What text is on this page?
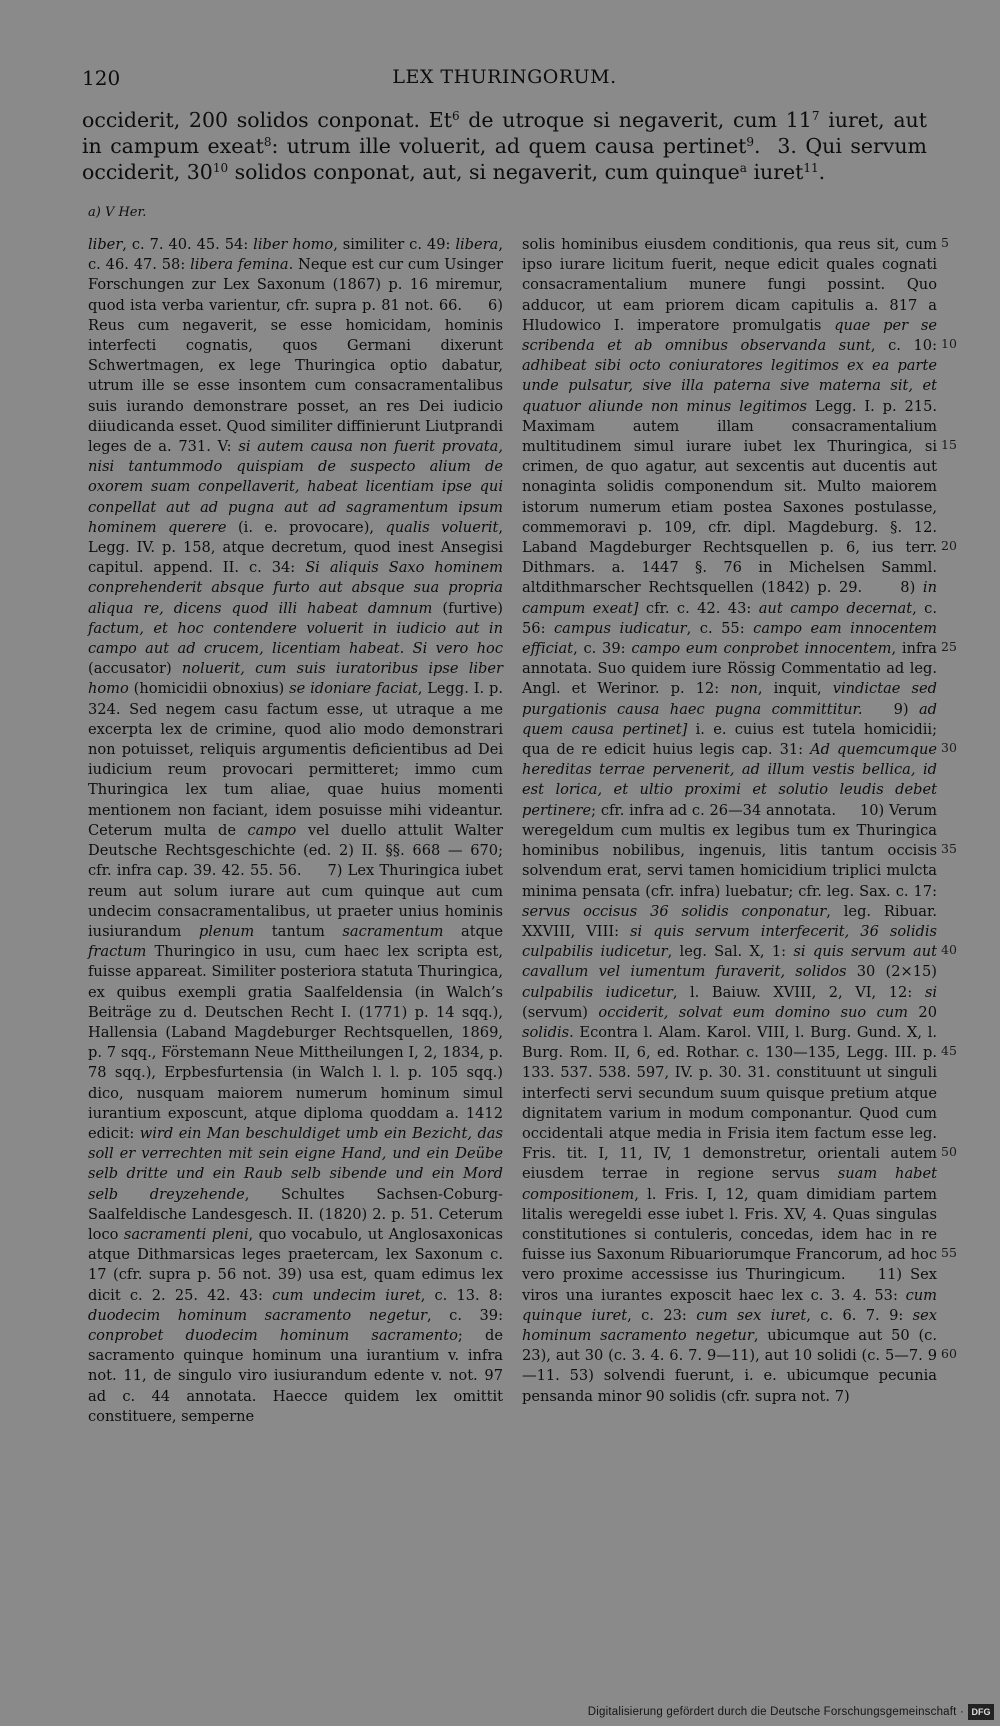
120	LEX THURINGORUM.
occiderit, 200 solidos conponat. Et$^6$ de utroque si negaverit, cum $11^7$ iuret, aut in campum exeat$^8$: utrum ille voluerit, ad quem causa pertinet$^9$.  3. Qui servum occiderit, $30^{10}$ solidos conponat, aut, si negaverit, cum quinque$^a$ iuret$^{11}$.
a) V Her.

liber, c. 7. 40. 45. 54: liber homo, similiter c. 49: libera, c. 46. 47. 58: libera femina. Neque est cur cum Usinger Forschungen zur Lex Saxonum (1867) p. 16 miremur, quod ista verba varientur, cfr. supra p. 81 not. 66.     6) Reus cum negaverit, se esse homicidam, hominis interfecti cognatis, quos Germani dixerunt Schwertmagen, ex lege Thuringica optio dabatur, utrum ille se esse insontem cum consacramentalibus suis iurando demonstrare posset, an res Dei iudicio diiudicanda esset. Quod similiter diffinierunt Liutprandi leges de a. 731. V: si autem causa non fuerit provata, nisi tantummodo quispiam de suspecto alium de oxorem suam conpellaverit, habeat licentiam ipse qui conpellat aut ad pugna aut ad sagramentum ipsum hominem querere (i. e. provocare), qualis voluerit, Legg. IV. p. 158, atque decretum, quod inest Ansegisi capitul. append. II. c. 34: Si aliquis Saxo hominem conprehenderit absque furto aut absque sua propria aliqua re, dicens quod illi habeat damnum (furtive) factum, et hoc contendere voluerit in iudicio aut in campo aut ad crucem, licentiam habeat. Si vero hoc (accusator) noluerit, cum suis iuratoribus ipse liber homo (homicidii obnoxius) se idoniare faciat, Legg. I. p. 324. Sed negem casu factum esse, ut utraque a me excerpta lex de crimine, quod alio modo demonstrari non potuisset, reliquis argumentis deficientibus ad Dei iudicium reum provocari permitteret; immo cum Thuringica lex tum aliae, quae huius momenti mentionem non faciant, idem posuisse mihi videantur. Ceterum multa de campo vel duello attulit Walter Deutsche Rechtsgeschichte (ed. 2) II. §§. 668 — 670; cfr. infra cap. 39. 42. 55. 56.     7) Lex Thuringica iubet reum aut solum iurare aut cum quinque aut cum undecim consacramentalibus, ut praeter unius hominis iusiurandum plenum tantum sacramentum atque fractum Thuringico in usu, cum haec lex scripta est, fuisse appareat. Similiter posteriora statuta Thuringica, ex quibus exempli gratia Saalfeldensia (in Walch’s Beiträge zu d. Deutschen Recht I. (1771) p. 14 sqq.), Hallensia (Laband Magdeburger Rechtsquellen, 1869, p. 7 sqq., Förstemann Neue Mittheilungen I, 2, 1834, p. 78 sqq.), Erpbesfurtensia (in Walch l. l. p. 105 sqq.) dico, nusquam maiorem numerum hominum simul iurantium exposcunt, atque diploma quoddam a. 1412 edicit: wird ein Man beschuldiget umb ein Bezicht, das soll er verrechten mit sein eigne Hand, und ein Deübe selb dritte und ein Raub selb sibende und ein Mord selb dreyzehende, Schultes Sachsen-Coburg-Saalfeldische Landesgesch. II. (1820) 2. p. 51. Ceterum loco sacramenti pleni, quo vocabulo, ut Anglosaxonicas atque Dithmarsicas leges praetercam, lex Saxonum c. 17 (cfr. supra p. 56 not. 39) usa est, quam edimus lex dicit c. 2. 25. 42. 43: cum undecim iuret, c. 13. 8: duodecim hominum sacramento negetur, c. 39: conprobet duodecim hominum sacramento; de sacramento quinque hominum una iurantium v. infra not. 11, de singulo viro iusiurandum edente v. not. 97 ad c. 44 annotata. Haecce quidem lex omittit constituere, semperne

solis hominibus eiusdem conditionis, qua reus sit, cum ipso iurare licitum fuerit, neque edicit quales cognati consacramentalium munere fungi possint. Quo adducor, ut eam priorem dicam capitulis a. 817 a Hludowico I. imperatore promulgatis quae per se scribenda et ab omnibus observanda sunt, c. 10: adhibeat sibi octo coniuratores legitimos ex ea parte unde pulsatur, sive illa paterna sive materna sit, et quatuor aliunde non minus legitimos Legg. I. p. 215. Maximam autem illam consacramentalium multitudinem simul iurare iubet lex Thuringica, si crimen, de quo agatur, aut sexcentis aut ducentis aut nonaginta solidis componendum sit. Multo maiorem istorum numerum etiam postea Saxones postulasse, commemoravi p. 109, cfr. dipl. Magdeburg. §. 12. Laband Magdeburger Rechtsquellen p. 6, ius terr. Dithmars. a. 1447 §. 76 in Michelsen Samml. altdithmarscher Rechtsquellen (1842) p. 29.     8) in campum exeat] cfr. c. 42. 43: aut campo decernat, c. 56: campus iudicatur, c. 55: campo eam innocentem efficiat, c. 39: campo eum conprobet innocentem, infra annotata. Suo quidem iure Rössig Commentatio ad leg. Angl. et Werinor. p. 12: non, inquit, vindictae sed purgationis causa haec pugna committitur.   9) ad quem causa pertinet] i. e. cuius est tutela homicidii; qua de re edicit huius legis cap. 31: Ad quemcumque hereditas terrae pervenerit, ad illum vestis bellica, id est lorica, et ultio proximi et solutio leudis debet pertinere; cfr. infra ad c. 26—34 annotata.     10) Verum weregeldum cum multis ex legibus tum ex Thuringica hominibus nobilibus, ingenuis, litis tantum occisis solvendum erat, servi tamen homicidium triplici mulcta minima pensata (cfr. infra) luebatur; cfr. leg. Sax. c. 17: servus occisus 36 solidis conponatur, leg. Ribuar. XXVIII, VIII: si quis servum interfecerit, 36 solidis culpabilis iudicetur, leg. Sal. X, 1: si quis servum aut cavallum vel iumentum furaverit, solidos 30 (2×15) culpabilis iudicetur, l. Baiuw. XVIII, 2, VI, 12: si (servum) occiderit, solvat eum domino suo cum 20 solidis. Econtra l. Alam. Karol. VIII, l. Burg. Gund. X, l. Burg. Rom. II, 6, ed. Rothar. c. 130—135, Legg. III. p. 133. 537. 538. 597, IV. p. 30. 31. constituunt ut singuli interfecti servi secundum suum quisque pretium atque dignitatem varium in modum componantur. Quod cum occidentali atque media in Frisia item factum esse leg. Fris. tit. I, 11, IV, 1 demonstretur, orientali autem eiusdem terrae in regione servus suam habet compositionem, l. Fris. I, 12, quam dimidiam partem litalis weregeldi esse iubet l. Fris. XV, 4. Quas singulas constitutiones si contuleris, concedas, idem hac in re fuisse ius Saxonum Ribuariorumque Francorum, ad hoc vero proxime accessisse ius Thuringicum.    11) Sex viros una iurantes exposcit haec lex c. 3. 4. 53: cum quinque iuret, c. 23: cum sex iuret, c. 6. 7. 9: sex hominum sacramento negetur, ubicumque aut 50 (c. 23), aut 30 (c. 3. 4. 6. 7. 9—11), aut 10 solidi (c. 5—7. 9—11. 53) solvendi fuerunt, i. e. ubicumque pecunia pensanda minor 90 solidis (cfr. supra not. 7)

5
10
15
20
25
30
35
40
45
50
55
60
Digitalisierung gefördert durch die Deutsche Forschungsgemeinschaft · DFG
